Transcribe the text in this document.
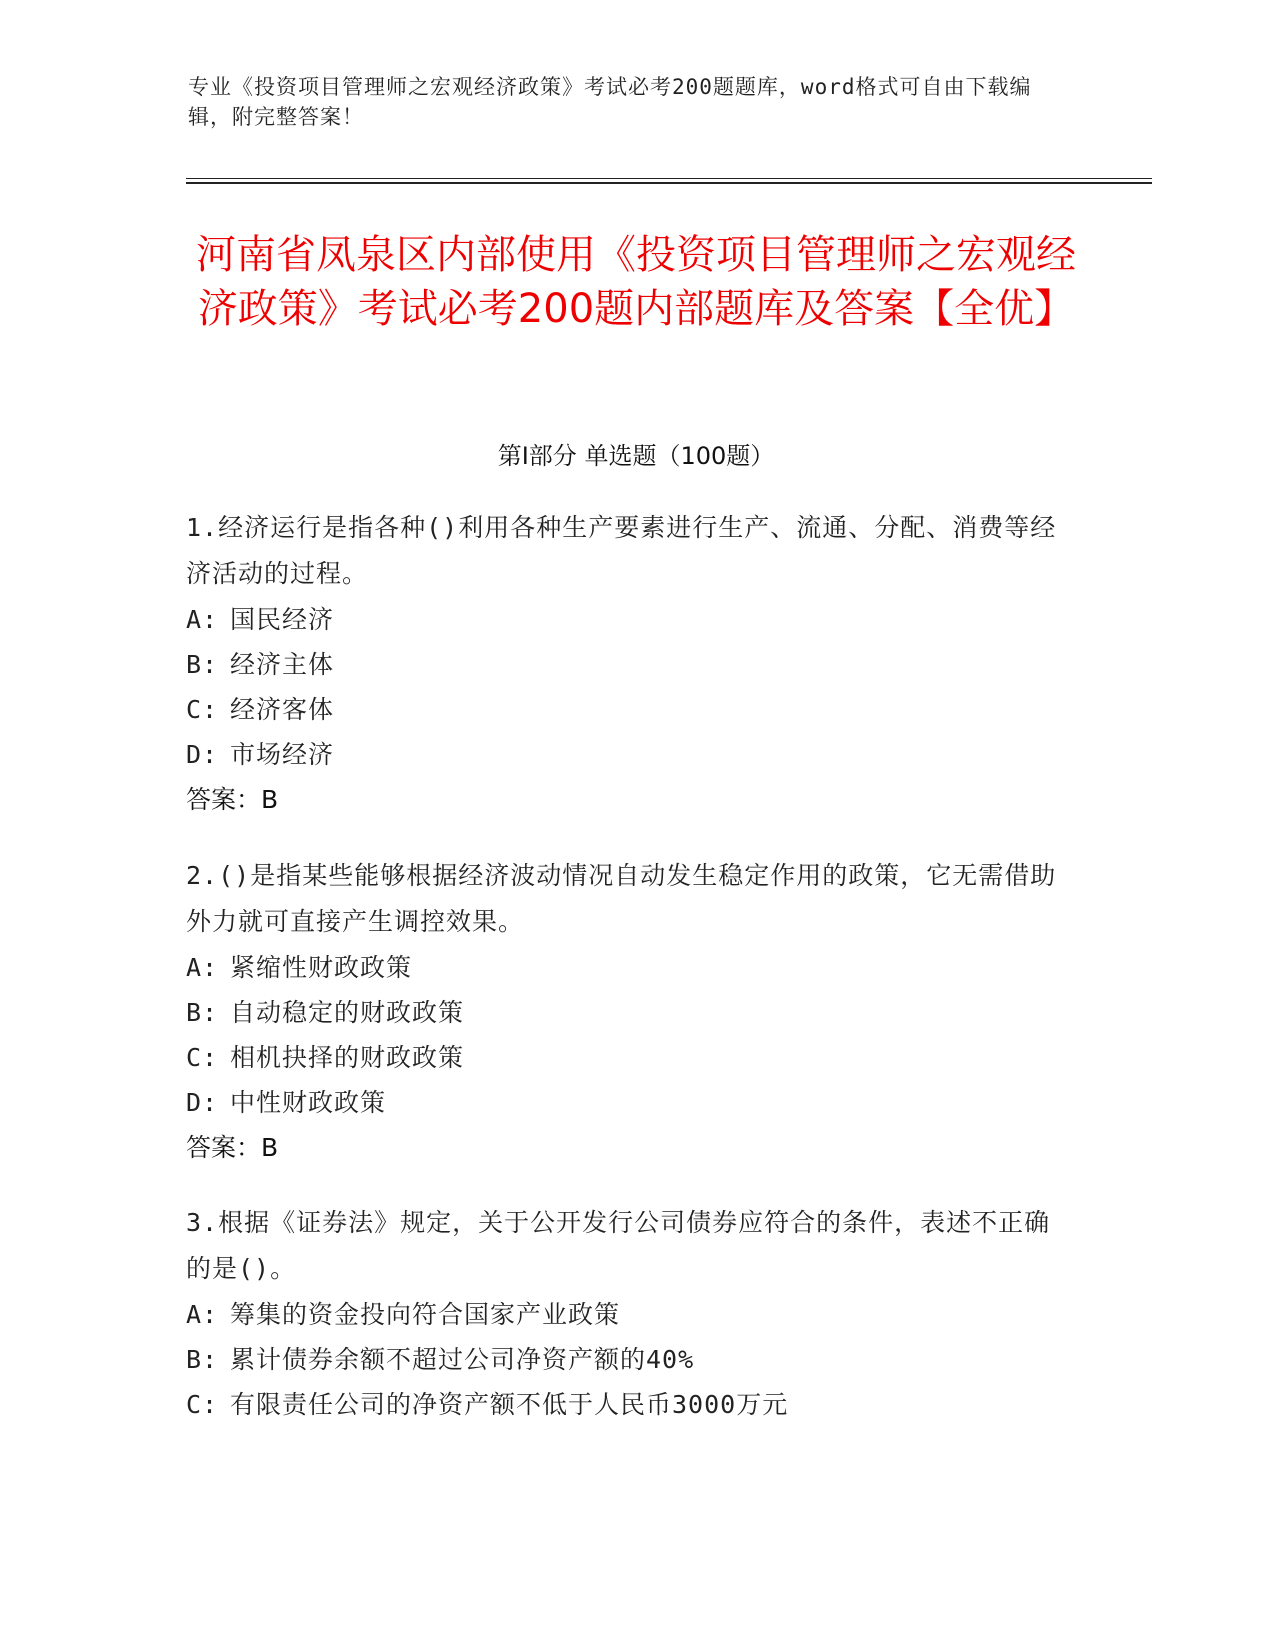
专业《投资项目管理师之宏观经济政策》考试必考200题题库，word格式可自由下载编辑，附完整答案！
河南省凤泉区内部使用《投资项目管理师之宏观经济政策》考试必考200题内部题库及答案【全优】
第Ⅰ部分 单选题（100题）
1.经济运行是指各种()利用各种生产要素进行生产、流通、分配、消费等经济活动的过程。
A: 国民经济
B: 经济主体
C: 经济客体
D: 市场经济
答案：B
2.()是指某些能够根据经济波动情况自动发生稳定作用的政策，它无需借助外力就可直接产生调控效果。
A: 紧缩性财政政策
B: 自动稳定的财政政策
C: 相机抉择的财政政策
D: 中性财政政策
答案：B
3.根据《证券法》规定，关于公开发行公司债券应符合的条件，表述不正确的是()。
A: 筹集的资金投向符合国家产业政策
B: 累计债券余额不超过公司净资产额的40%
C: 有限责任公司的净资产额不低于人民币3000万元
